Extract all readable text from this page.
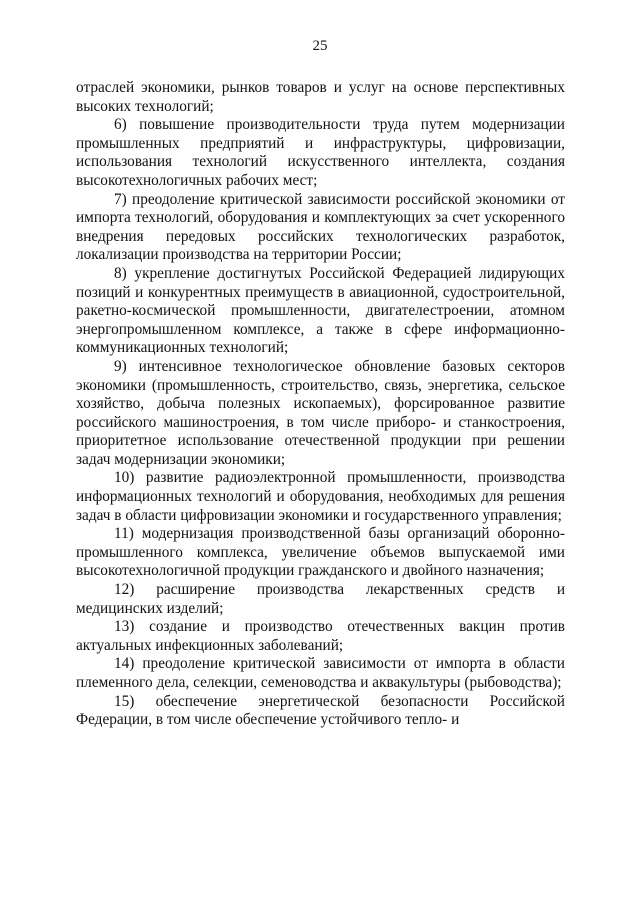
25

отраслей экономики, рынков товаров и услуг на основе перспективных высоких технологий;

6) повышение производительности труда путем модернизации промышленных предприятий и инфраструктуры, цифровизации, использования технологий искусственного интеллекта, создания высокотехнологичных рабочих мест;

7) преодоление критической зависимости российской экономики от импорта технологий, оборудования и комплектующих за счет ускоренного внедрения передовых российских технологических разработок, локализации производства на территории России;

8) укрепление достигнутых Российской Федерацией лидирующих позиций и конкурентных преимуществ в авиационной, судостроительной, ракетно-космической промышленности, двигателестроении, атомном энергопромышленном комплексе, а также в сфере информационно-коммуникационных технологий;

9) интенсивное технологическое обновление базовых секторов экономики (промышленность, строительство, связь, энергетика, сельское хозяйство, добыча полезных ископаемых), форсированное развитие российского машиностроения, в том числе приборо- и станкостроения, приоритетное использование отечественной продукции при решении задач модернизации экономики;

10) развитие радиоэлектронной промышленности, производства информационных технологий и оборудования, необходимых для решения задач в области цифровизации экономики и государственного управления;

11) модернизация производственной базы организаций оборонно-промышленного комплекса, увеличение объемов выпускаемой ими высокотехнологичной продукции гражданского и двойного назначения;

12) расширение производства лекарственных средств и медицинских изделий;

13) создание и производство отечественных вакцин против актуальных инфекционных заболеваний;

14) преодоление критической зависимости от импорта в области племенного дела, селекции, семеноводства и аквакультуры (рыбоводства);

15) обеспечение энергетической безопасности Российской Федерации, в том числе обеспечение устойчивого тепло- и
